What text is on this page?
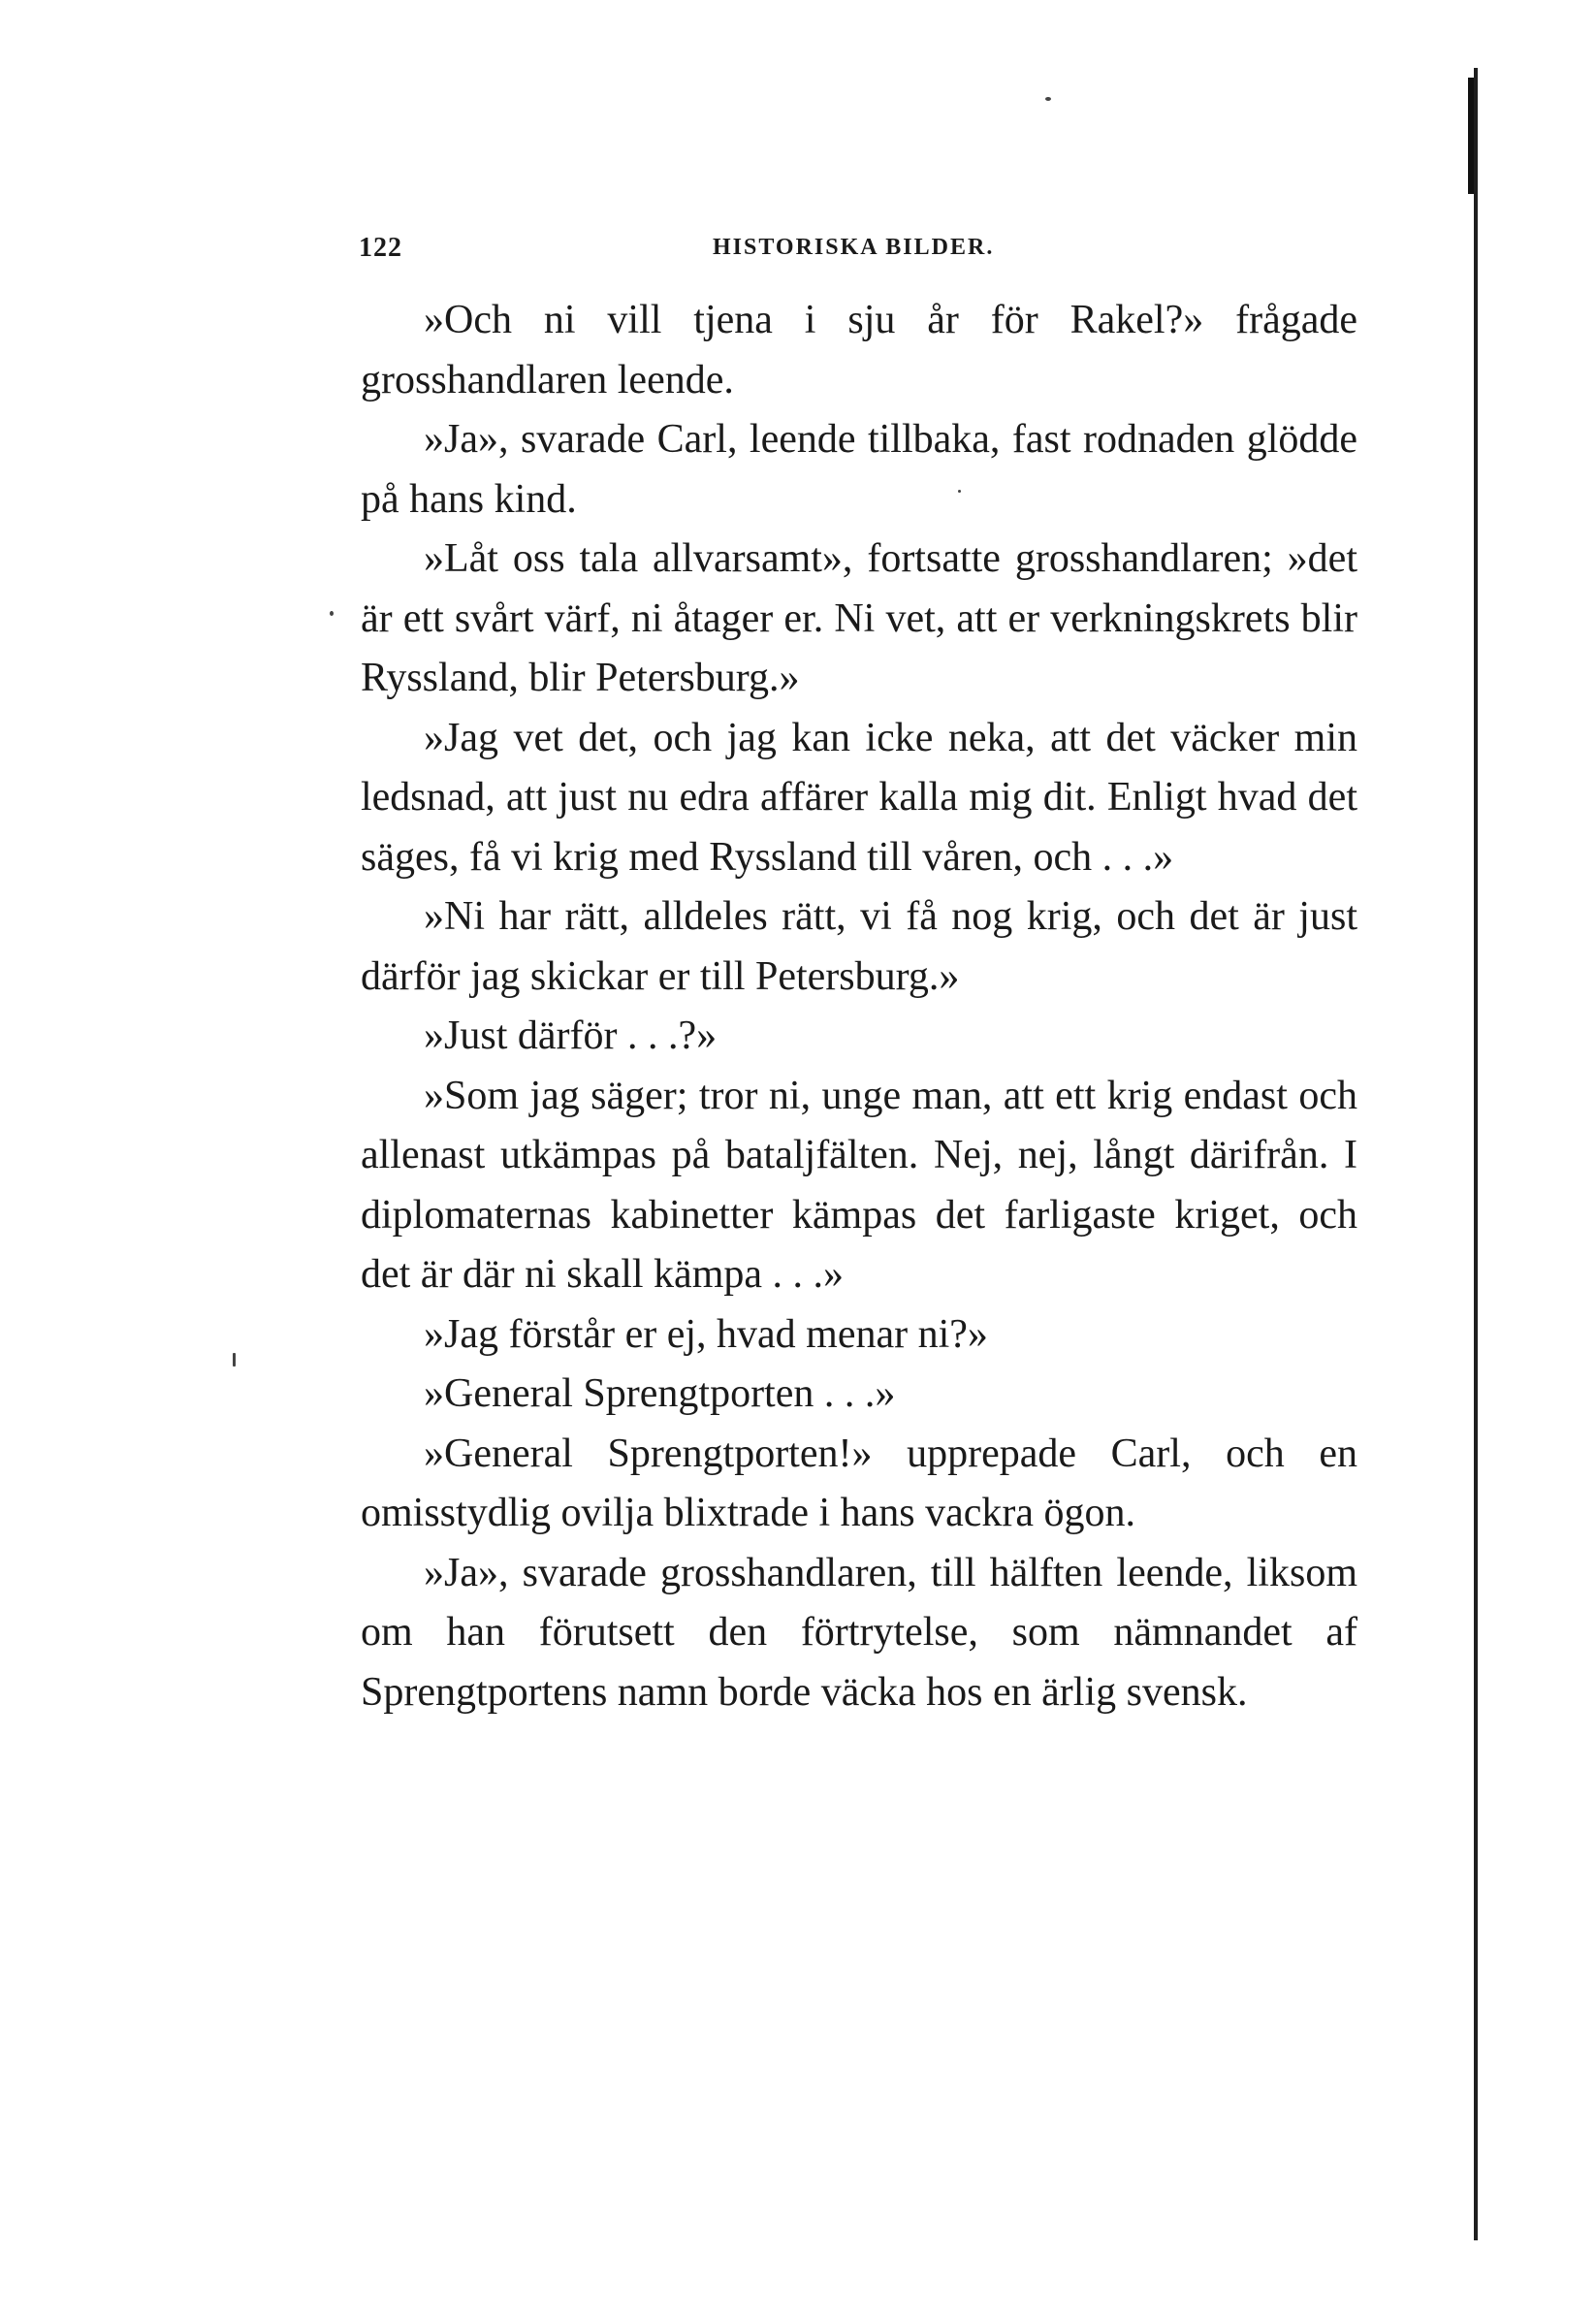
122	HISTORISKA BILDER.

»Och ni vill tjena i sju år för Rakel?» frågade grosshandlaren leende.

»Ja», svarade Carl, leende tillbaka, fast rodnaden glödde på hans kind.

»Låt oss tala allvarsamt», fortsatte grosshandlaren; »det är ett svårt värf, ni åtager er. Ni vet, att er verkningskrets blir Ryssland, blir Petersburg.»

»Jag vet det, och jag kan icke neka, att det väcker min ledsnad, att just nu edra affärer kalla mig dit. Enligt hvad det säges, få vi krig med Ryssland till våren, och . . .»

»Ni har rätt, alldeles rätt, vi få nog krig, och det är just därför jag skickar er till Petersburg.»

»Just därför . . .?»

»Som jag säger; tror ni, unge man, att ett krig endast och allenast utkämpas på bataljfälten. Nej, nej, långt därifrån. I diplomaternas kabinetter kämpas det farligaste kriget, och det är där ni skall kämpa . . .»

»Jag förstår er ej, hvad menar ni?»

»General Sprengtporten . . .»

»General Sprengtporten!» upprepade Carl, och en omisstydlig ovilja blixtrade i hans vackra ögon.

»Ja», svarade grosshandlaren, till hälften leende, liksom om han förutsett den förtrytelse, som nämnandet af Sprengtportens namn borde väcka hos en ärlig svensk.
